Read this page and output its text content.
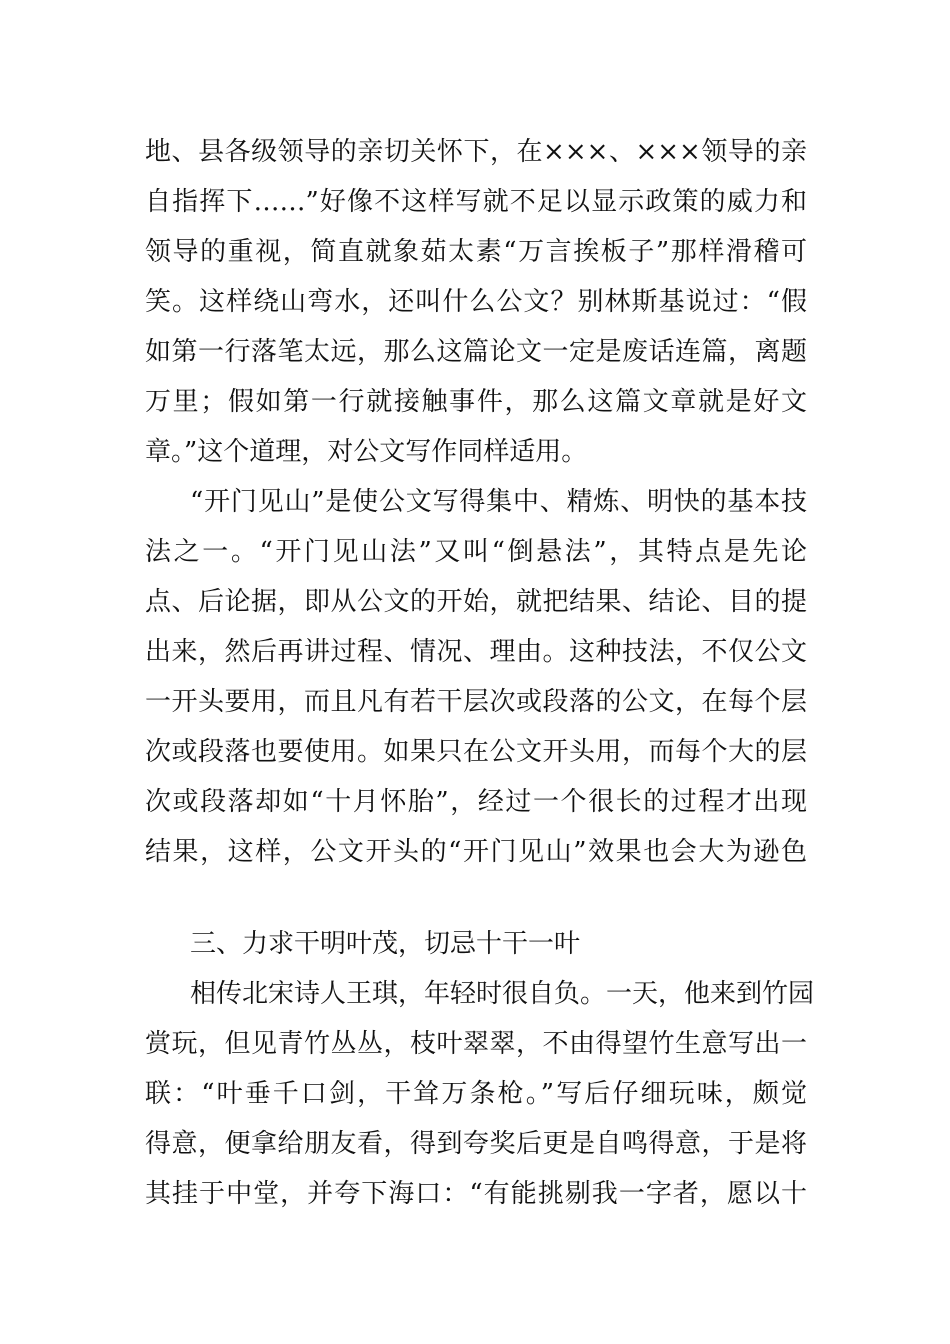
地、县各级领导的亲切关怀下，在×××、×××领导的亲
自指挥下……”好像不这样写就不足以显示政策的威力和
领导的重视，简直就象茹太素“万言挨板子”那样滑稽可
笑。这样绕山弯水，还叫什么公文？别林斯基说过：“假
如第一行落笔太远，那么这篇论文一定是废话连篇，离题
万里；假如第一行就接触事件，那么这篇文章就是好文
章。”这个道理，对公文写作同样适用。
“开门见山”是使公文写得集中、精炼、明快的基本技
法之一。“开门见山法”又叫“倒悬法”，其特点是先论
点、后论据，即从公文的开始，就把结果、结论、目的提
出来，然后再讲过程、情况、理由。这种技法，不仅公文
一开头要用，而且凡有若干层次或段落的公文，在每个层
次或段落也要使用。如果只在公文开头用，而每个大的层
次或段落却如“十月怀胎”，经过一个很长的过程才出现
结果，这样，公文开头的“开门见山”效果也会大为逊色
三、力求干明叶茂，切忌十干一叶
相传北宋诗人王琪，年轻时很自负。一天，他来到竹园
赏玩，但见青竹丛丛，枝叶翠翠，不由得望竹生意写出一
联：“叶垂千口剑，干耸万条枪。”写后仔细玩味，颇觉
得意，便拿给朋友看，得到夸奖后更是自鸣得意，于是将
其挂于中堂，并夸下海口：“有能挑剔我一字者，愿以十
